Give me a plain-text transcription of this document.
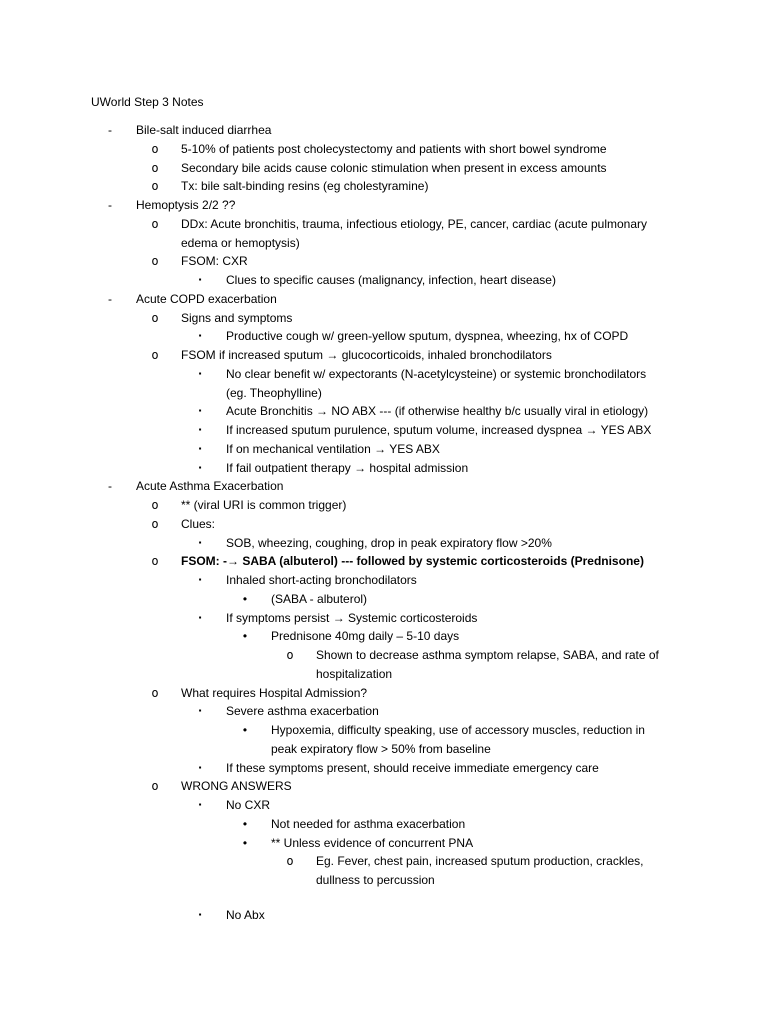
UWorld Step 3 Notes
-	Bile-salt induced diarrhea
o 5-10% of patients post cholecystectomy and patients with short bowel syndrome
o Secondary bile acids cause colonic stimulation when present in excess amounts
o Tx: bile salt-binding resins (eg cholestyramine)
-	Hemoptysis 2/2 ??
o DDx: Acute bronchitis, trauma, infectious etiology, PE, cancer, cardiac (acute pulmonary
edema or hemoptysis)
o FSOM: CXR
▪	Clues to specific causes (malignancy, infection, heart disease)
-	Acute COPD exacerbation
o Signs and symptoms
▪	Productive cough w/ green-yellow sputum, dyspnea, wheezing, hx of COPD
o FSOM if increased sputum → glucocorticoids, inhaled bronchodilators
▪	No clear benefit w/ expectorants (N-acetylcysteine) or systemic bronchodilators
(eg. Theophylline)
▪	Acute Bronchitis → NO ABX --- (if otherwise healthy b/c usually viral in etiology)
▪	If increased sputum purulence, sputum volume, increased dyspnea → YES ABX
▪	If on mechanical ventilation → YES ABX
▪	If fail outpatient therapy → hospital admission
-	Acute Asthma Exacerbation
o ** (viral URI is common trigger)
o Clues:
▪	SOB, wheezing, coughing, drop in peak expiratory flow >20%
o FSOM: -→ SABA (albuterol) --- followed by systemic corticosteroids (Prednisone)
▪	Inhaled short-acting bronchodilators
•	(SABA - albuterol)
▪	If symptoms persist → Systemic corticosteroids
•	Prednisone 40mg daily – 5-10 days
o Shown to decrease asthma symptom relapse, SABA, and rate of
hospitalization
o What requires Hospital Admission?
▪	Severe asthma exacerbation
•	Hypoxemia, difficulty speaking, use of accessory muscles, reduction in
peak expiratory flow > 50% from baseline
▪	If these symptoms present, should receive immediate emergency care
o WRONG ANSWERS
▪	No CXR
•	Not needed for asthma exacerbation
•	** Unless evidence of concurrent PNA
o Eg. Fever, chest pain, increased sputum production, crackles,
dullness to percussion
▪	No Abx
